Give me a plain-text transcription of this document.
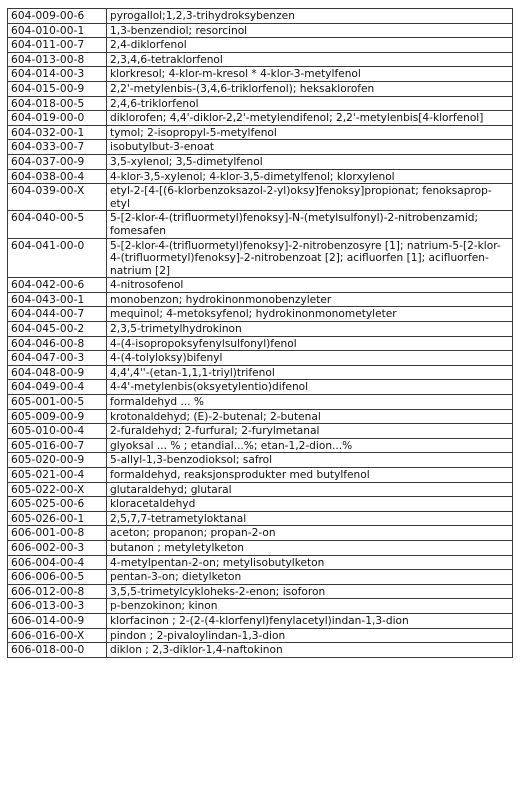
604-009-00-6	pyrogallol;1,2,3-trihydroksybenzen
604-010-00-1	1,3-benzendiol; resorcinol
604-011-00-7	2,4-diklorfenol
604-013-00-8	2,3,4,6-tetraklorfenol
604-014-00-3	klorkresol; 4-klor-m-kresol * 4-klor-3-metylfenol
604-015-00-9	2,2'-metylenbis-(3,4,6-triklorfenol); heksaklorofen
604-018-00-5	2,4,6-triklorfenol
604-019-00-0	diklorofen; 4,4'-diklor-2,2'-metylendifenol; 2,2'-metylenbis[4-klorfenol]
604-032-00-1	tymol; 2-isopropyl-5-metylfenol
604-033-00-7	isobutylbut-3-enoat
604-037-00-9	3,5-xylenol; 3,5-dimetylfenol
604-038-00-4	4-klor-3,5-xylenol; 4-klor-3,5-dimetylfenol; klorxylenol
604-039-00-X	etyl-2-[4-[(6-klorbenzoksazol-2-yl)oksy]fenoksy]propionat; fenoksaprop-etyl
604-040-00-5	5-[2-klor-4-(trifluormetyl)fenoksy]-N-(metylsulfonyl)-2-nitrobenzamid; fomesafen
604-041-00-0	5-[2-klor-4-(trifluormetyl)fenoksy]-2-nitrobenzosyre [1]; natrium-5-[2-klor-4-(trifluormetyl)fenoksy]-2-nitrobenzoat [2]; acifluorfen [1]; acifluorfen-natrium [2]
604-042-00-6	4-nitrosofenol
604-043-00-1	monobenzon; hydrokinonmonobenzyleter
604-044-00-7	mequinol; 4-metoksyfenol; hydrokinonmonometyleter
604-045-00-2	2,3,5-trimetylhydrokinon
604-046-00-8	4-(4-isopropoksyfenylsulfonyl)fenol
604-047-00-3	4-(4-tolyloksy)bifenyl
604-048-00-9	4,4',4''-(etan-1,1,1-triyl)trifenol
604-049-00-4	4-4'-metylenbis(oksyetylentio)difenol
605-001-00-5	formaldehyd ... %
605-009-00-9	krotonaldehyd; (E)-2-butenal; 2-butenal
605-010-00-4	2-furaldehyd; 2-furfural; 2-furylmetanal
605-016-00-7	glyoksal ... % ; etandial...%; etan-1,2-dion...%
605-020-00-9	5-allyl-1,3-benzodioksol; safrol
605-021-00-4	formaldehyd, reaksjonsprodukter med butylfenol
605-022-00-X	glutaraldehyd; glutaral
605-025-00-6	kloracetaldehyd
605-026-00-1	2,5,7,7-tetrametyloktanal
606-001-00-8	aceton; propanon; propan-2-on
606-002-00-3	butanon ; metyletylketon
606-004-00-4	4-metylpentan-2-on; metylisobutylketon
606-006-00-5	pentan-3-on; dietylketon
606-012-00-8	3,5,5-trimetylcykloheks-2-enon; isoforon
606-013-00-3	p-benzokinon; kinon
606-014-00-9	klorfacinon ; 2-(2-(4-klorfenyl)fenylacetyl)indan-1,3-dion
606-016-00-X	pindon ; 2-pivaloylindan-1,3-dion
606-018-00-0	diklon ; 2,3-diklor-1,4-naftokinon
